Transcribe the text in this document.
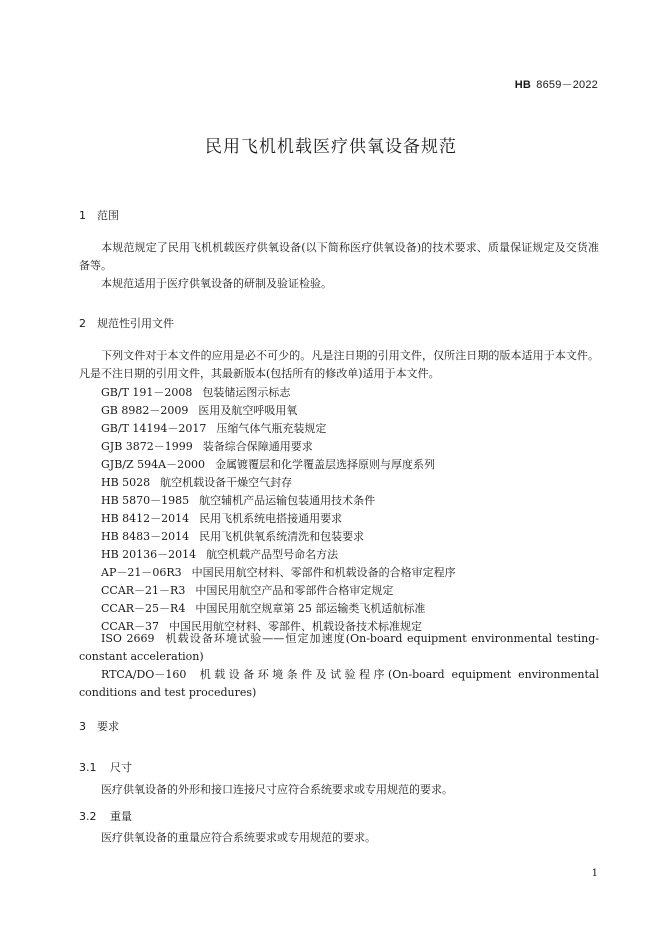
HB 8659－2022
民用飞机机载医疗供氧设备规范
1 范围
本规范规定了民用飞机机载医疗供氧设备(以下简称医疗供氧设备)的技术要求、质量保证规定及交货准备等。
本规范适用于医疗供氧设备的研制及验证检验。
2 规范性引用文件
下列文件对于本文件的应用是必不可少的。凡是注日期的引用文件，仅所注日期的版本适用于本文件。凡是不注日期的引用文件，其最新版本(包括所有的修改单)适用于本文件。
GB/T 191－2008 包装储运图示标志
GB 8982－2009 医用及航空呼吸用氧
GB/T 14194－2017 压缩气体气瓶充装规定
GJB 3872－1999 装备综合保障通用要求
GJB/Z 594A－2000 金属镀覆层和化学覆盖层选择原则与厚度系列
HB 5028 航空机载设备干燥空气封存
HB 5870－1985 航空辅机产品运输包装通用技术条件
HB 8412－2014 民用飞机系统电搭接通用要求
HB 8483－2014 民用飞机供氧系统清洗和包装要求
HB 20136－2014 航空机载产品型号命名方法
AP－21－06R3 中国民用航空材料、零部件和机载设备的合格审定程序
CCAR－21－R3 中国民用航空产品和零部件合格审定规定
CCAR－25－R4 中国民用航空规章第 25 部运输类飞机适航标准
CCAR－37 中国民用航空材料、零部件、机载设备技术标准规定
ISO 2669 机载设备环境试验——恒定加速度(On-board equipment environmental testing-constant acceleration)
RTCA/DO－160 机载设备环境条件及试验程序(On-board equipment environmental conditions and test procedures)
3 要求
3.1 尺寸
医疗供氧设备的外形和接口连接尺寸应符合系统要求或专用规范的要求。
3.2 重量
医疗供氧设备的重量应符合系统要求或专用规范的要求。
1
